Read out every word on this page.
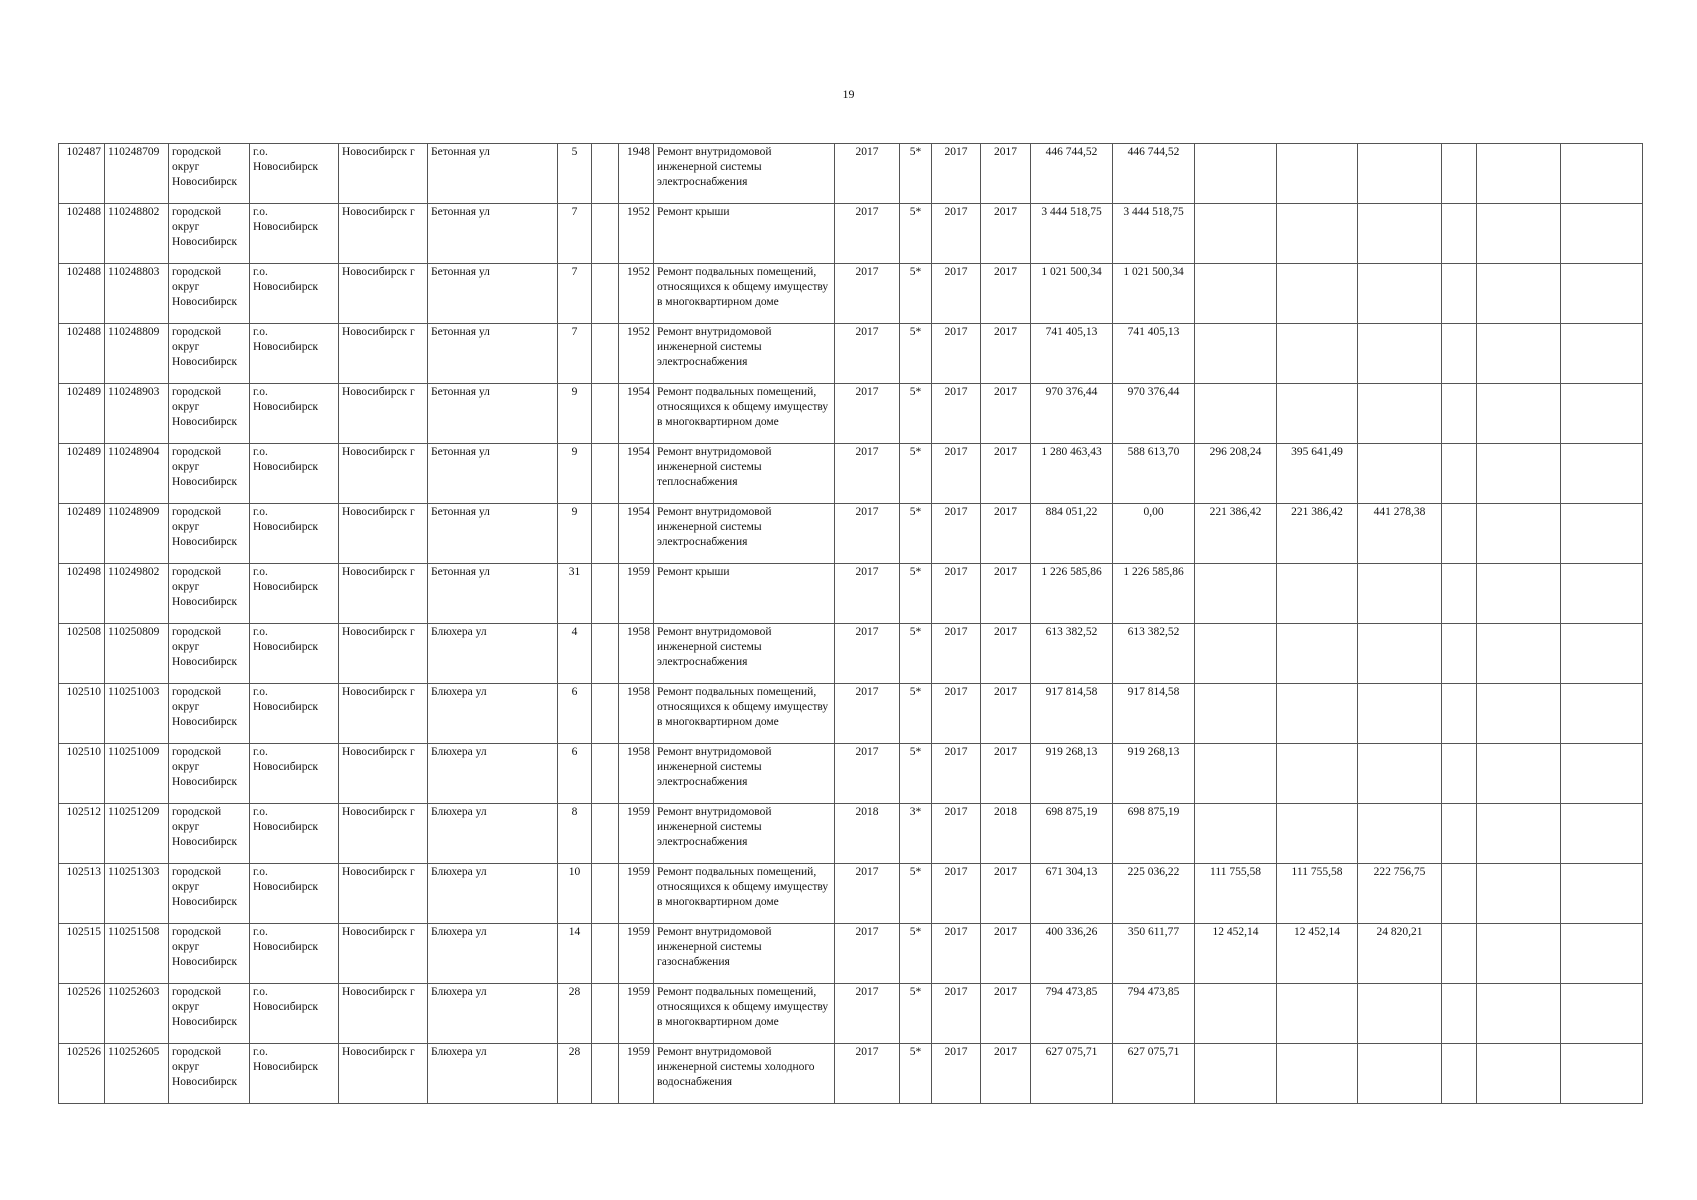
19
102487	110248709	городской округ Новосибирск	г.о. Новосибирск	Новосибирск г	Бетонная ул	5		1948	Ремонт внутридомовой инженерной системы электроснабжения	2017	5*	2017	2017	446 744,52	446 744,52						
102488	110248802	городской округ Новосибирск	г.о. Новосибирск	Новосибирск г	Бетонная ул	7		1952	Ремонт крыши	2017	5*	2017	2017	3 444 518,75	3 444 518,75						
102488	110248803	городской округ Новосибирск	г.о. Новосибирск	Новосибирск г	Бетонная ул	7		1952	Ремонт подвальных помещений, относящихся к общему имуществу в многоквартирном доме	2017	5*	2017	2017	1 021 500,34	1 021 500,34						
102488	110248809	городской округ Новосибирск	г.о. Новосибирск	Новосибирск г	Бетонная ул	7		1952	Ремонт внутридомовой инженерной системы электроснабжения	2017	5*	2017	2017	741 405,13	741 405,13						
102489	110248903	городской округ Новосибирск	г.о. Новосибирск	Новосибирск г	Бетонная ул	9		1954	Ремонт подвальных помещений, относящихся к общему имуществу в многоквартирном доме	2017	5*	2017	2017	970 376,44	970 376,44						
102489	110248904	городской округ Новосибирск	г.о. Новосибирск	Новосибирск г	Бетонная ул	9		1954	Ремонт внутридомовой инженерной системы теплоснабжения	2017	5*	2017	2017	1 280 463,43	588 613,70	296 208,24	395 641,49				
102489	110248909	городской округ Новосибирск	г.о. Новосибирск	Новосибирск г	Бетонная ул	9		1954	Ремонт внутридомовой инженерной системы электроснабжения	2017	5*	2017	2017	884 051,22	0,00	221 386,42	221 386,42	441 278,38			
102498	110249802	городской округ Новосибирск	г.о. Новосибирск	Новосибирск г	Бетонная ул	31		1959	Ремонт крыши	2017	5*	2017	2017	1 226 585,86	1 226 585,86						
102508	110250809	городской округ Новосибирск	г.о. Новосибирск	Новосибирск г	Блюхера ул	4		1958	Ремонт внутридомовой инженерной системы электроснабжения	2017	5*	2017	2017	613 382,52	613 382,52						
102510	110251003	городской округ Новосибирск	г.о. Новосибирск	Новосибирск г	Блюхера ул	6		1958	Ремонт подвальных помещений, относящихся к общему имуществу в многоквартирном доме	2017	5*	2017	2017	917 814,58	917 814,58						
102510	110251009	городской округ Новосибирск	г.о. Новосибирск	Новосибирск г	Блюхера ул	6		1958	Ремонт внутридомовой инженерной системы электроснабжения	2017	5*	2017	2017	919 268,13	919 268,13						
102512	110251209	городской округ Новосибирск	г.о. Новосибирск	Новосибирск г	Блюхера ул	8		1959	Ремонт внутридомовой инженерной системы электроснабжения	2018	3*	2017	2018	698 875,19	698 875,19						
102513	110251303	городской округ Новосибирск	г.о. Новосибирск	Новосибирск г	Блюхера ул	10		1959	Ремонт подвальных помещений, относящихся к общему имуществу в многоквартирном доме	2017	5*	2017	2017	671 304,13	225 036,22	111 755,58	111 755,58	222 756,75			
102515	110251508	городской округ Новосибирск	г.о. Новосибирск	Новосибирск г	Блюхера ул	14		1959	Ремонт внутридомовой инженерной системы газоснабжения	2017	5*	2017	2017	400 336,26	350 611,77	12 452,14	12 452,14	24 820,21			
102526	110252603	городской округ Новосибирск	г.о. Новосибирск	Новосибирск г	Блюхера ул	28		1959	Ремонт подвальных помещений, относящихся к общему имуществу в многоквартирном доме	2017	5*	2017	2017	794 473,85	794 473,85						
102526	110252605	городской округ Новосибирск	г.о. Новосибирск	Новосибирск г	Блюхера ул	28		1959	Ремонт внутридомовой инженерной системы холодного водоснабжения	2017	5*	2017	2017	627 075,71	627 075,71						
